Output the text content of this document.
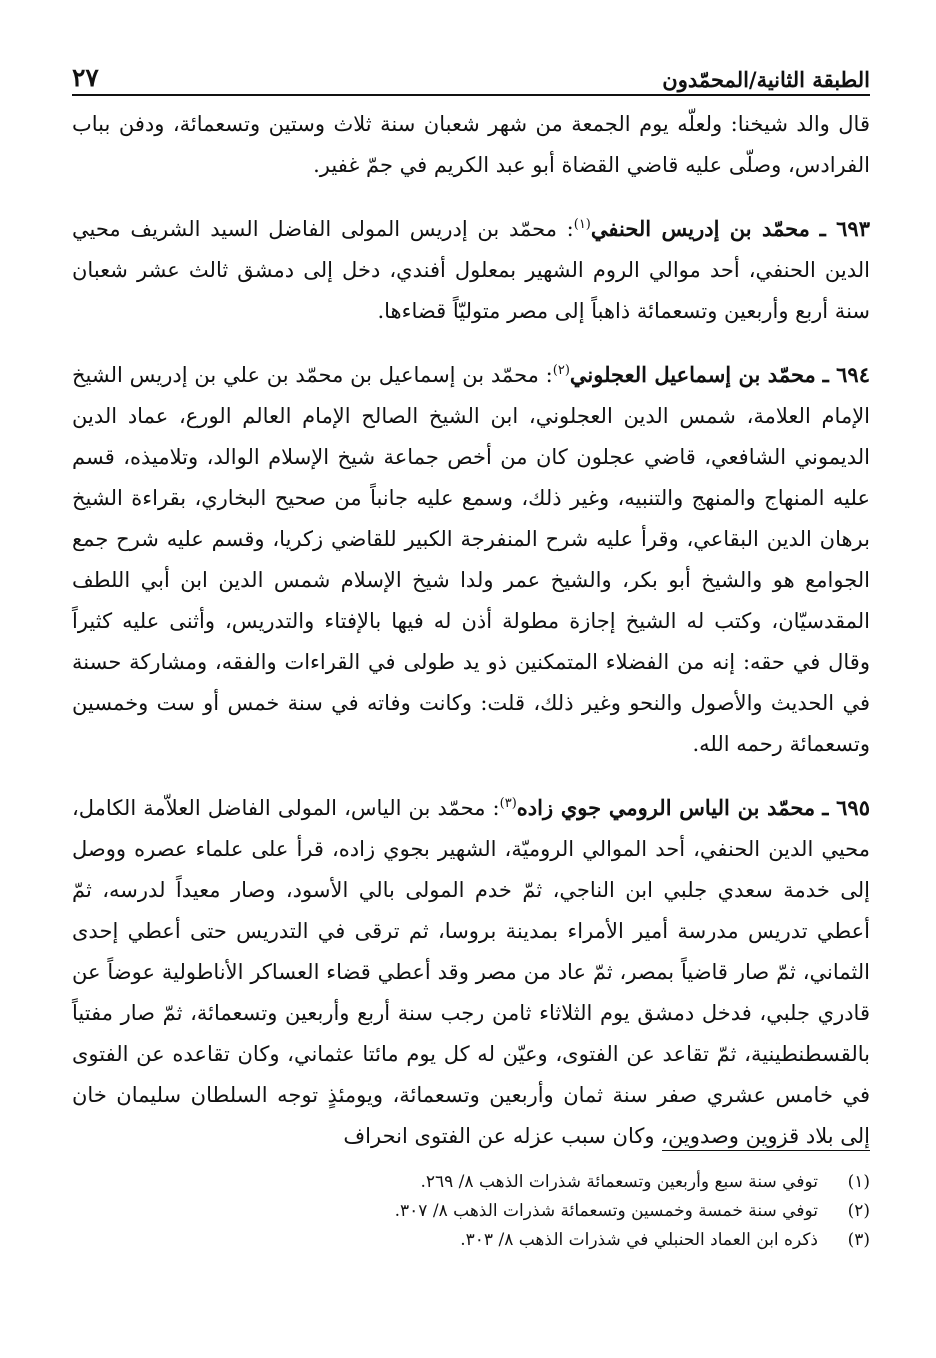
الطبقة الثانية/المحمّدون
٢٧

قال والد شيخنا: ولعلّه يوم الجمعة من شهر شعبان سنة ثلاث وستين وتسعمائة، ودفن بباب الفرادس، وصلّى عليه قاضي القضاة أبو عبد الكريم في جمّ غفير.

٦٩٣ ـ محمّد بن إدريس الحنفي$^{(١)}$: محمّد بن إدريس المولى الفاضل السيد الشريف محيي الدين الحنفي، أحد موالي الروم الشهير بمعلول أفندي، دخل إلى دمشق ثالث عشر شعبان سنة أربع وأربعين وتسعمائة ذاهباً إلى مصر متوليّاً قضاءها.

٦٩٤ ـ محمّد بن إسماعيل العجلوني$^{(٢)}$: محمّد بن إسماعيل بن محمّد بن علي بن إدريس الشيخ الإمام العلامة، شمس الدين العجلوني، ابن الشيخ الصالح الإمام العالم الورع، عماد الدين الديموني الشافعي، قاضي عجلون كان من أخص جماعة شيخ الإسلام الوالد، وتلاميذه، قسم عليه المنهاج والمنهج والتنبيه، وغير ذلك، وسمع عليه جانباً من صحيح البخاري، بقراءة الشيخ برهان الدين البقاعي، وقرأ عليه شرح المنفرجة الكبير للقاضي زكريا، وقسم عليه شرح جمع الجوامع هو والشيخ أبو بكر، والشيخ عمر ولدا شيخ الإسلام شمس الدين ابن أبي اللطف المقدسيّان، وكتب له الشيخ إجازة مطولة أذن له فيها بالإفتاء والتدريس، وأثنى عليه كثيراً وقال في حقه: إنه من الفضلاء المتمكنين ذو يد طولى في القراءات والفقه، ومشاركة حسنة في الحديث والأصول والنحو وغير ذلك، قلت: وكانت وفاته في سنة خمس أو ست وخمسين وتسعمائة رحمه الله.

٦٩٥ ـ محمّد بن الياس الرومي جوي زاده$^{(٣)}$: محمّد بن الياس، المولى الفاضل العلاّمة الكامل، محيي الدين الحنفي، أحد الموالي الروميّة، الشهير بجوي زاده، قرأ على علماء عصره ووصل إلى خدمة سعدي جلبي ابن الناجي، ثمّ خدم المولى بالي الأسود، وصار معيداً لدرسه، ثمّ أعطي تدريس مدرسة أمير الأمراء بمدينة بروسا، ثم ترقى في التدريس حتى أعطي إحدى الثماني، ثمّ صار قاضياً بمصر، ثمّ عاد من مصر وقد أعطي قضاء العساكر الأناطولية عوضاً عن قادري جلبي، فدخل دمشق يوم الثلاثاء ثامن رجب سنة أربع وأربعين وتسعمائة، ثمّ صار مفتياً بالقسطنطينية، ثمّ تقاعد عن الفتوى، وعيّن له كل يوم مائتا عثماني، وكان تقاعده عن الفتوى في خامس عشري صفر سنة ثمان وأربعين وتسعمائة، ويومئذٍ توجه السلطان سليمان خان إلى بلاد قزوين وصدوين، وكان سبب عزله عن الفتوى انحراف

(١)
توفي سنة سبع وأربعين وتسعمائة شذرات الذهب ٨/ ٢٦٩.
(٢)
توفي سنة خمسة وخمسين وتسعمائة شذرات الذهب ٨/ ٣٠٧.
(٣)
ذكره ابن العماد الحنبلي في شذرات الذهب ٨/ ٣٠٣.
